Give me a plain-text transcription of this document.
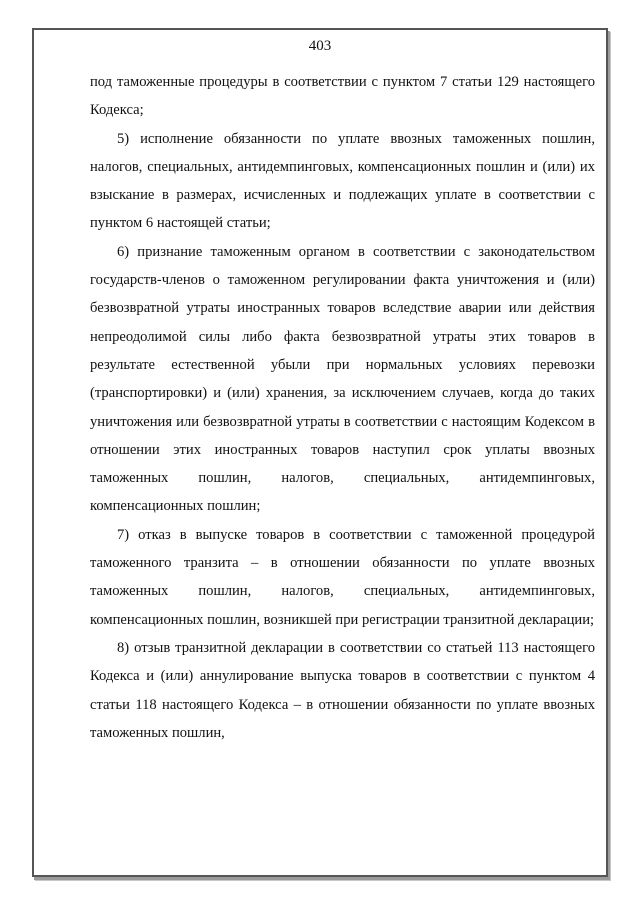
403

под таможенные процедуры в соответствии с пунктом 7 статьи 129 настоящего Кодекса;

5) исполнение обязанности по уплате ввозных таможенных пошлин, налогов, специальных, антидемпинговых, компенсационных пошлин и (или) их взыскание в размерах, исчисленных и подлежащих уплате в соответствии с пунктом 6 настоящей статьи;

6) признание таможенным органом в соответствии с законодательством государств-членов о таможенном регулировании факта уничтожения и (или) безвозвратной утраты иностранных товаров вследствие аварии или действия непреодолимой силы либо факта безвозвратной утраты этих товаров в результате естественной убыли при нормальных условиях перевозки (транспортировки) и (или) хранения, за исключением случаев, когда до таких уничтожения или безвозвратной утраты в соответствии с настоящим Кодексом в отношении этих иностранных товаров наступил срок уплаты ввозных таможенных пошлин, налогов, специальных, антидемпинговых, компенсационных пошлин;

7) отказ в выпуске товаров в соответствии с таможенной процедурой таможенного транзита – в отношении обязанности по уплате ввозных таможенных пошлин, налогов, специальных, антидемпинговых, компенсационных пошлин, возникшей при регистрации транзитной декларации;

8) отзыв транзитной декларации в соответствии со статьей 113 настоящего Кодекса и (или) аннулирование выпуска товаров в соответствии с пунктом 4 статьи 118 настоящего Кодекса – в отношении обязанности по уплате ввозных таможенных пошлин,
